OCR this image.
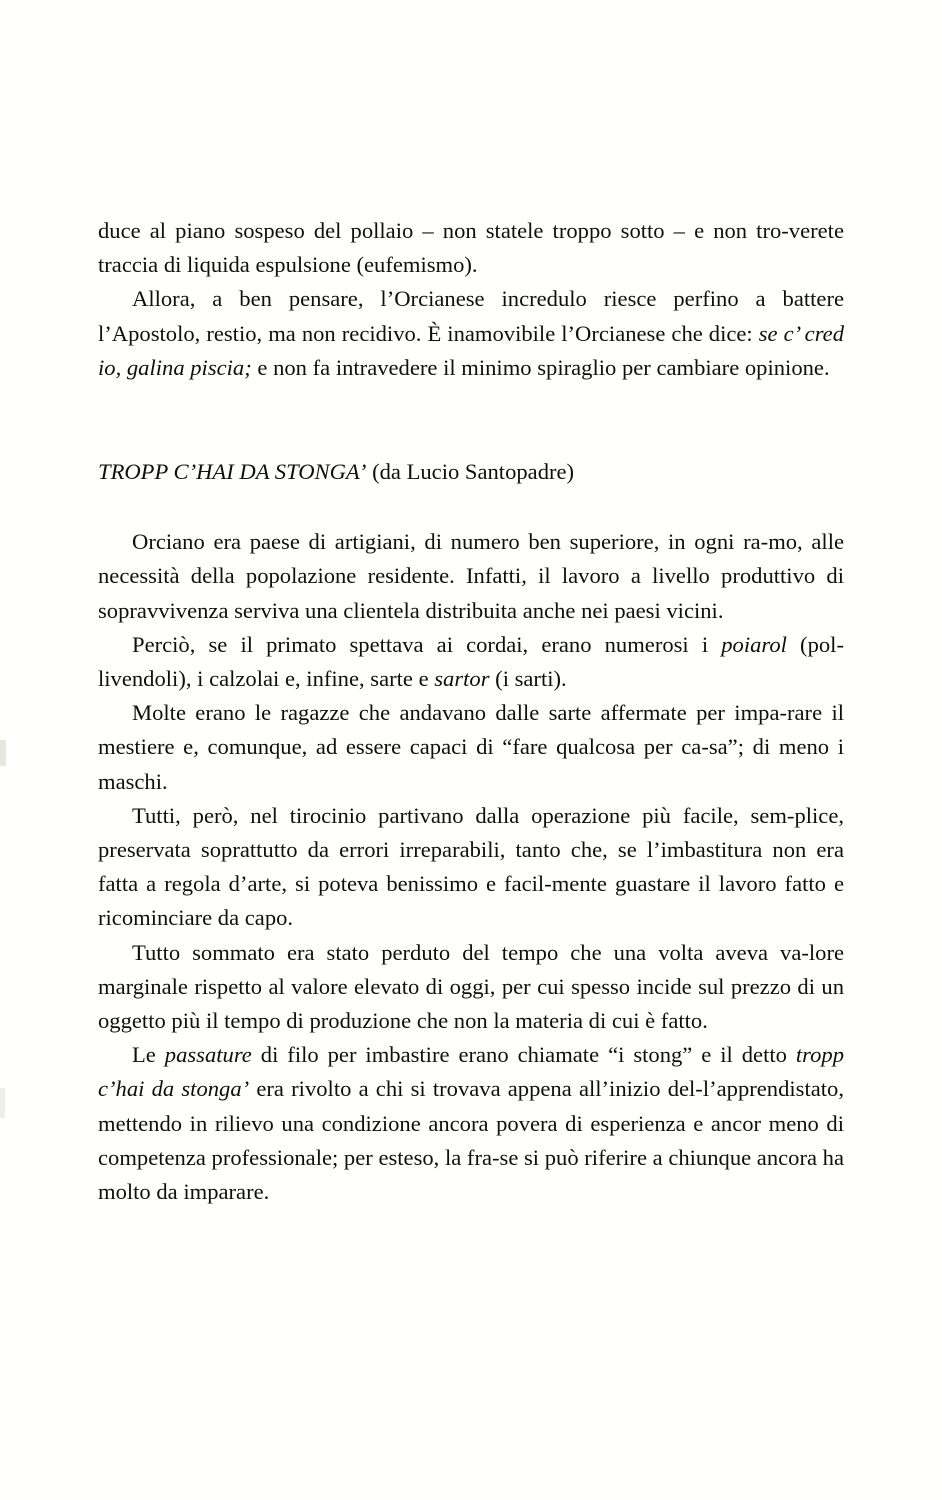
duce al piano sospeso del pollaio – non statele troppo sotto – e non tro-verete traccia di liquida espulsione (eufemismo).

Allora, a ben pensare, l’Orcianese incredulo riesce perfino a battere l’Apostolo, restio, ma non recidivo. È inamovibile l’Orcianese che dice: se c’ cred io, galina piscia; e non fa intravedere il minimo spiraglio per cambiare opinione.

TROPP C’HAI DA STONGA’ (da Lucio Santopadre)

Orciano era paese di artigiani, di numero ben superiore, in ogni ra-mo, alle necessità della popolazione residente. Infatti, il lavoro a livello produttivo di sopravvivenza serviva una clientela distribuita anche nei paesi vicini.

Perciò, se il primato spettava ai cordai, erano numerosi i poiarol (pol-livendoli), i calzolai e, infine, sarte e sartor (i sarti).

Molte erano le ragazze che andavano dalle sarte affermate per impa-rare il mestiere e, comunque, ad essere capaci di “fare qualcosa per ca-sa”; di meno i maschi.

Tutti, però, nel tirocinio partivano dalla operazione più facile, sem-plice, preservata soprattutto da errori irreparabili, tanto che, se l’imbastitura non era fatta a regola d’arte, si poteva benissimo e facil-mente guastare il lavoro fatto e ricominciare da capo.

Tutto sommato era stato perduto del tempo che una volta aveva va-lore marginale rispetto al valore elevato di oggi, per cui spesso incide sul prezzo di un oggetto più il tempo di produzione che non la materia di cui è fatto.

Le passature di filo per imbastire erano chiamate “i stong” e il detto tropp c’hai da stonga’ era rivolto a chi si trovava appena all’inizio del-l’apprendistato, mettendo in rilievo una condizione ancora povera di esperienza e ancor meno di competenza professionale; per esteso, la fra-se si può riferire a chiunque ancora ha molto da imparare.
